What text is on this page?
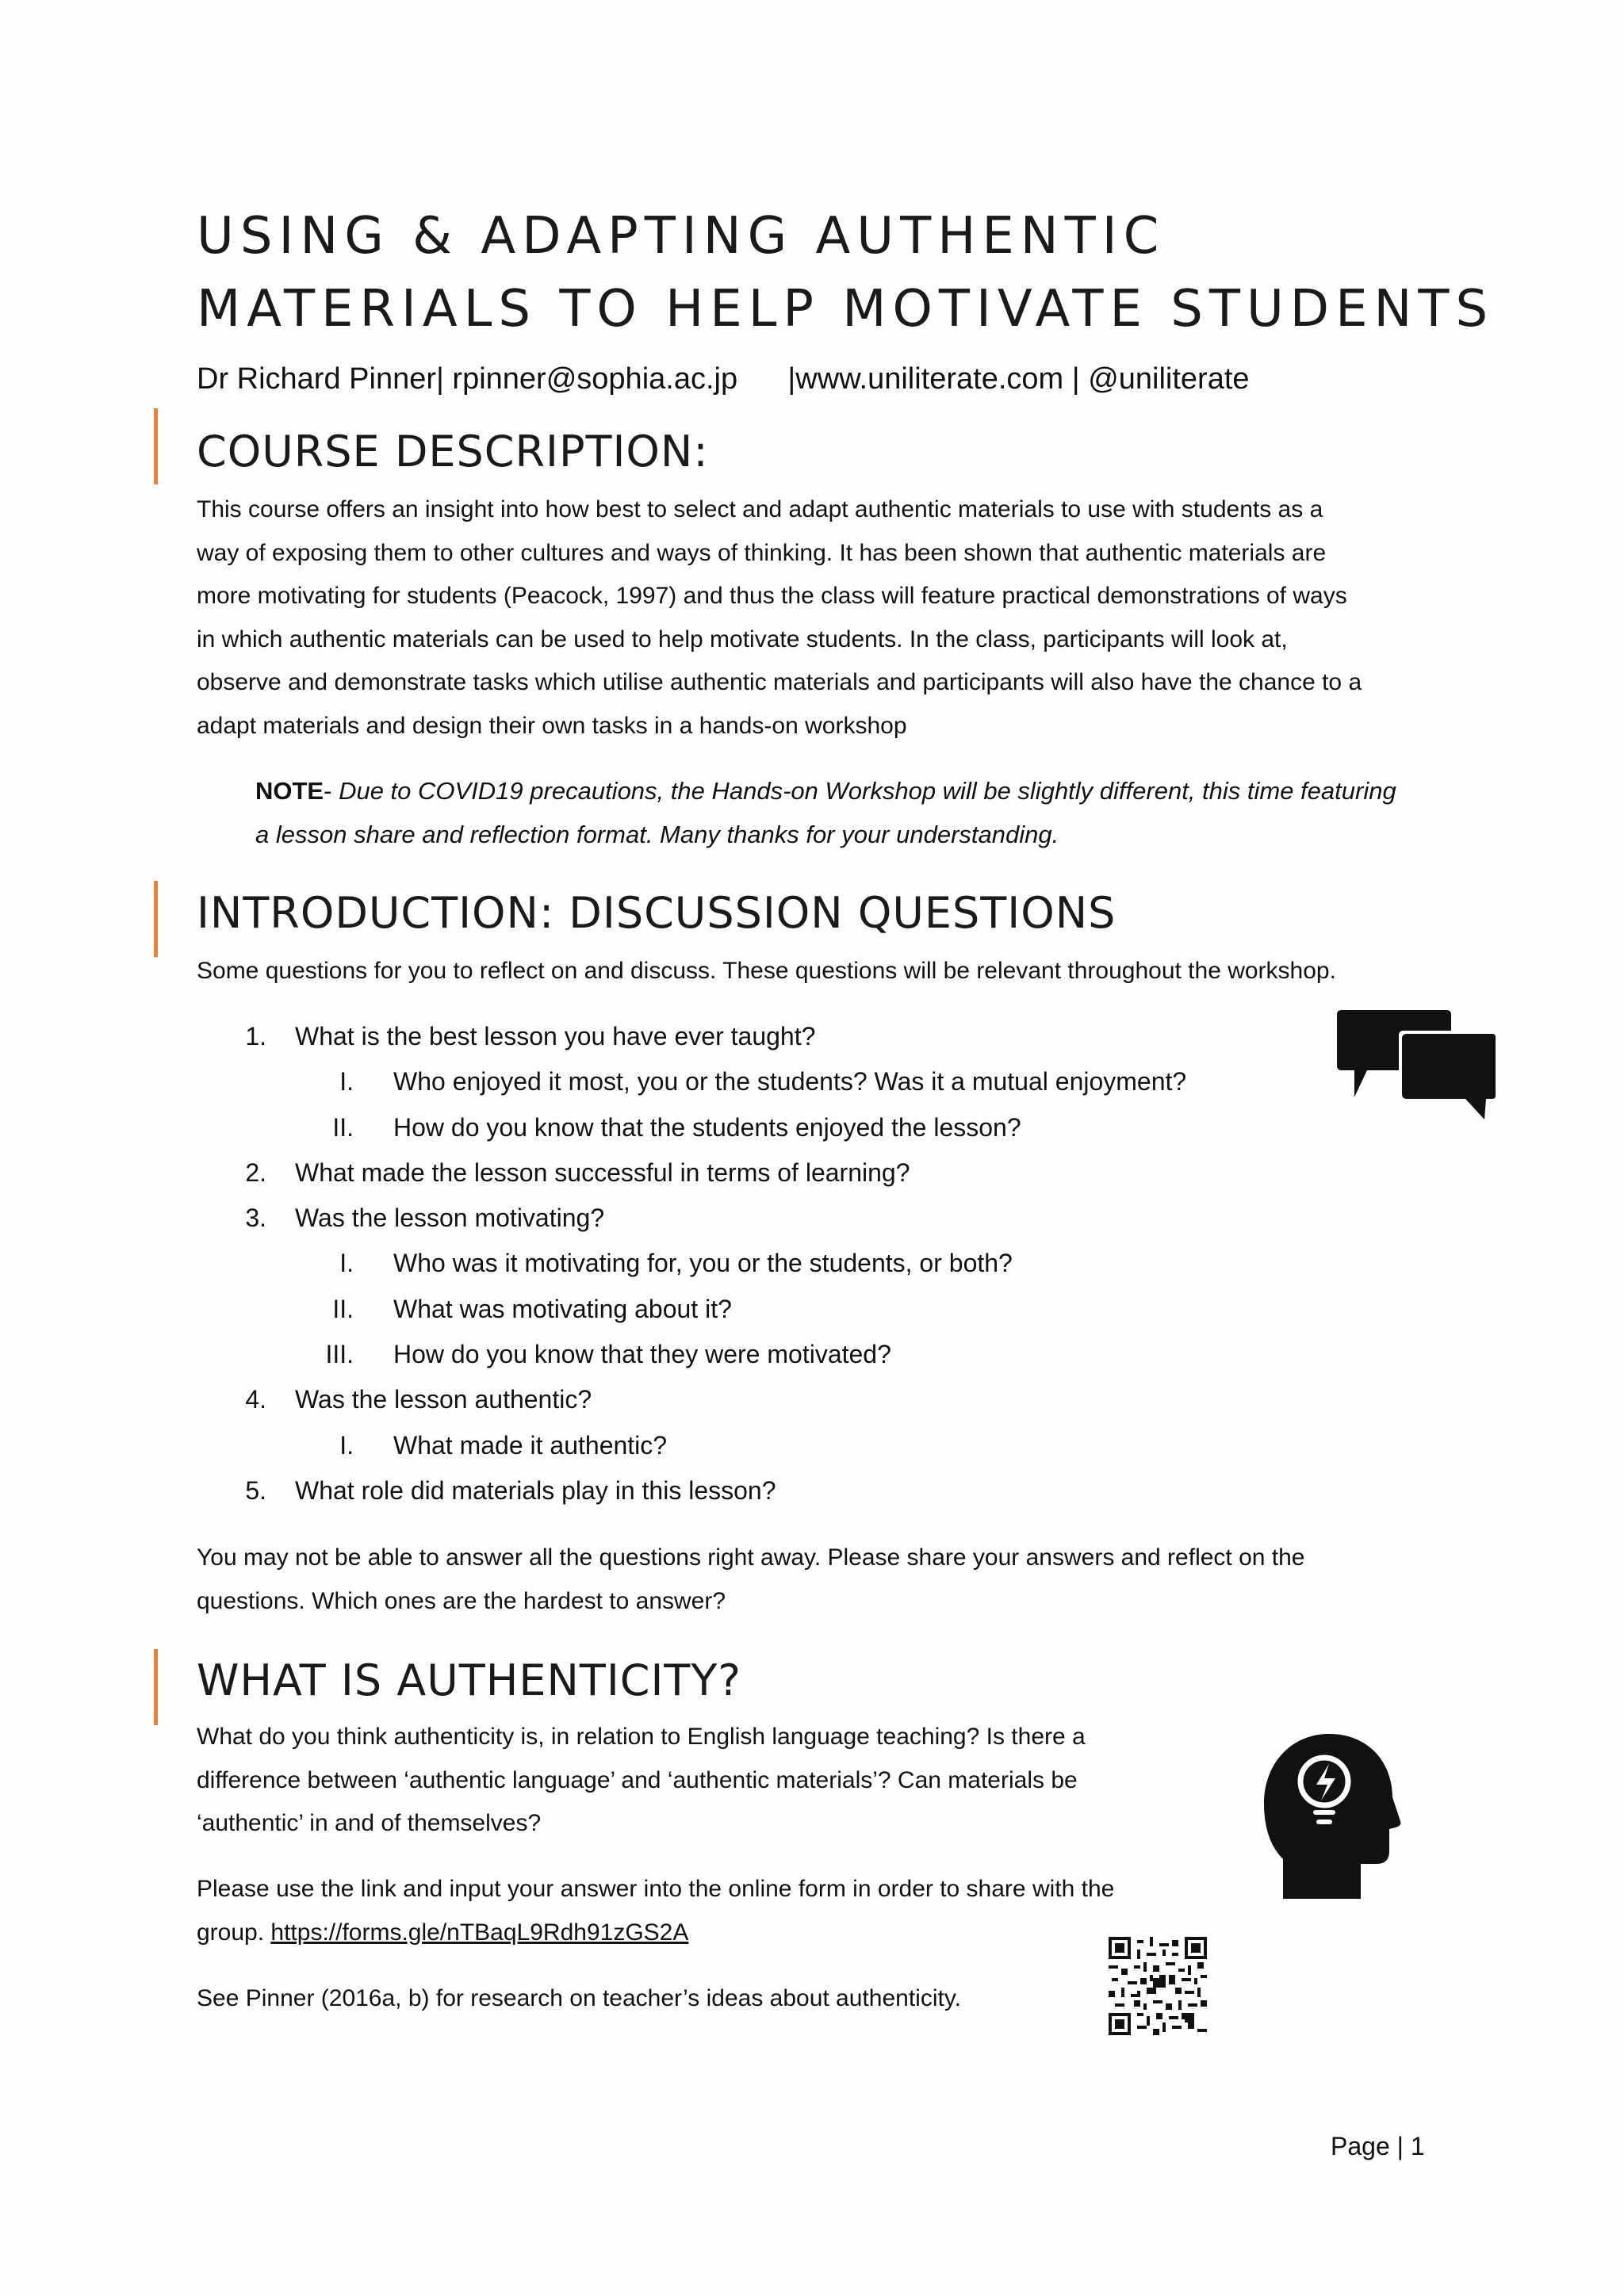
USING & ADAPTING AUTHENTIC
MATERIALS TO HELP MOTIVATE STUDENTS
Dr Richard Pinner| rpinner@sophia.ac.jp      |www.uniliterate.com | @uniliterate
COURSE DESCRIPTION:

This course offers an insight into how best to select and adapt authentic materials to use with students as a
way of exposing them to other cultures and ways of thinking. It has been shown that authentic materials are
more motivating for students (Peacock, 1997) and thus the class will feature practical demonstrations of ways
in which authentic materials can be used to help motivate students. In the class, participants will look at,
observe and demonstrate tasks which utilise authentic materials and participants will also have the chance to a
adapt materials and design their own tasks in a hands-on workshop

NOTE- Due to COVID19 precautions, the Hands-on Workshop will be slightly different, this time featuring
a lesson share and reflection format. Many thanks for your understanding.

INTRODUCTION: DISCUSSION QUESTIONS

Some questions for you to reflect on and discuss. These questions will be relevant throughout the workshop.

1. What is the best lesson you have ever taught?
I. Who enjoyed it most, you or the students? Was it a mutual enjoyment?
II. How do you know that the students enjoyed the lesson?
2. What made the lesson successful in terms of learning?
3. Was the lesson motivating?
I. Who was it motivating for, you or the students, or both?
II. What was motivating about it?
III. How do you know that they were motivated?
4. Was the lesson authentic?
I. What made it authentic?
5. What role did materials play in this lesson?

You may not be able to answer all the questions right away. Please share your answers and reflect on the
questions. Which ones are the hardest to answer?

WHAT IS AUTHENTICITY?

What do you think authenticity is, in relation to English language teaching? Is there a
difference between ‘authentic language’ and ‘authentic materials’? Can materials be
‘authentic’ in and of themselves?

Please use the link and input your answer into the online form in order to share with the
group. https://forms.gle/nTBaqL9Rdh91zGS2A

See Pinner (2016a, b) for research on teacher’s ideas about authenticity.

Page | 1
